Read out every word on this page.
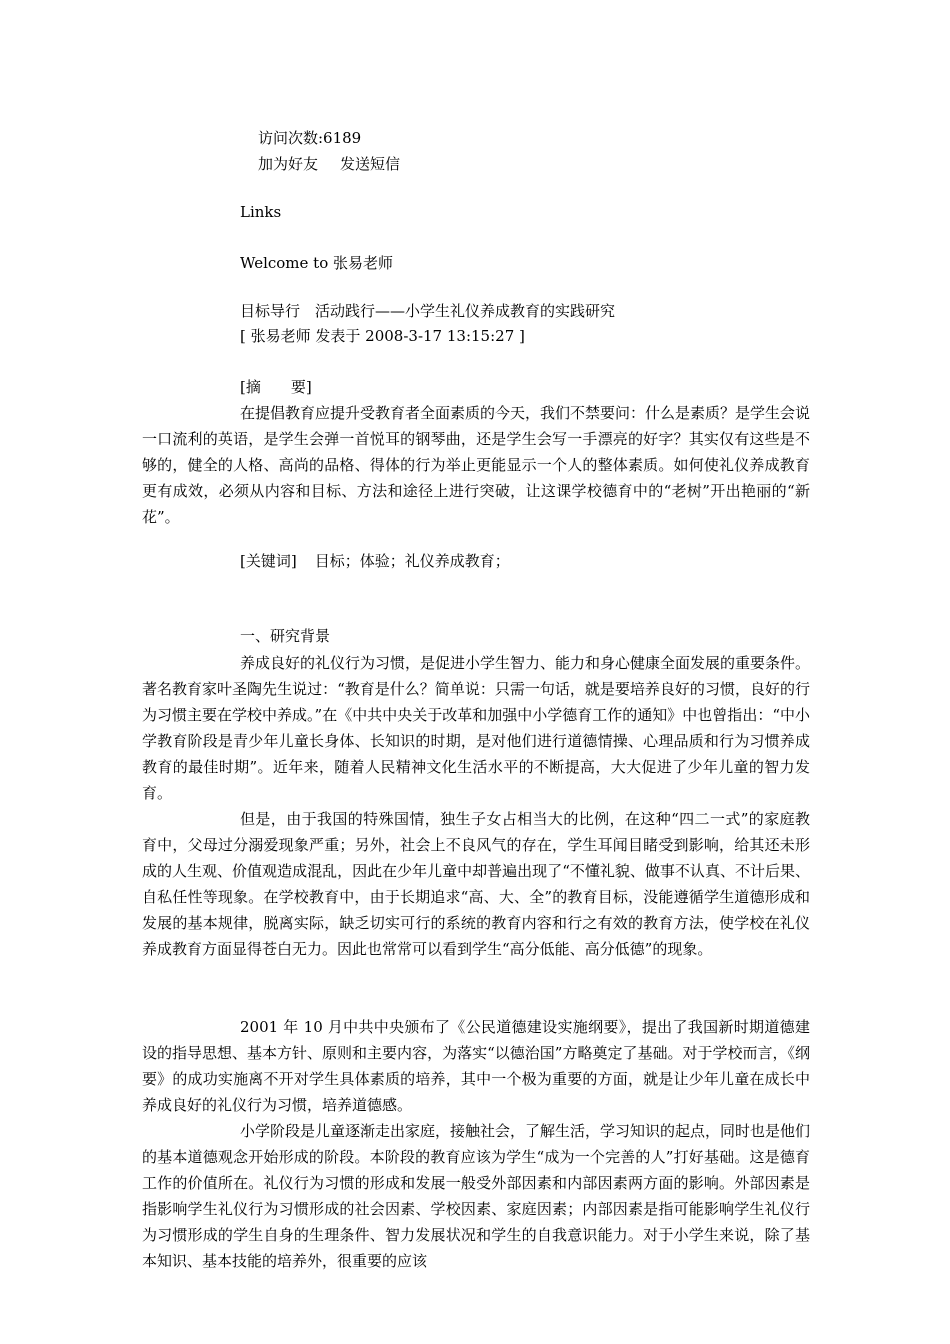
访问次数:6189

加为好友 发送短信

Links

Welcome to 张易老师

目标导行　活动践行——小学生礼仪养成教育的实践研究

[ 张易老师 发表于 2008-3-17 13:15:27 ]

[摘　　要]

在提倡教育应提升受教育者全面素质的今天，我们不禁要问：什么是素质？是学生会说一口流利的英语，是学生会弹一首悦耳的钢琴曲，还是学生会写一手漂亮的好字？其实仅有这些是不够的，健全的人格、高尚的品格、得体的行为举止更能显示一个人的整体素质。如何使礼仪养成教育更有成效，必须从内容和目标、方法和途径上进行突破，让这课学校德育中的“老树”开出艳丽的“新花”。

[关键词] 目标；体验；礼仪养成教育；

一、研究背景

养成良好的礼仪行为习惯，是促进小学生智力、能力和身心健康全面发展的重要条件。著名教育家叶圣陶先生说过：“教育是什么？简单说：只需一句话，就是要培养良好的习惯，良好的行为习惯主要在学校中养成。”在《中共中央关于改革和加强中小学德育工作的通知》中也曾指出：“中小学教育阶段是青少年儿童长身体、长知识的时期，是对他们进行道德情操、心理品质和行为习惯养成教育的最佳时期”。近年来，随着人民精神文化生活水平的不断提高，大大促进了少年儿童的智力发育。

但是，由于我国的特殊国情，独生子女占相当大的比例，在这种“四二一式”的家庭教育中，父母过分溺爱现象严重；另外，社会上不良风气的存在，学生耳闻目睹受到影响，给其还未形成的人生观、价值观造成混乱，因此在少年儿童中却普遍出现了“不懂礼貌、做事不认真、不计后果、自私任性等现象。在学校教育中，由于长期追求“高、大、全”的教育目标，没能遵循学生道德形成和发展的基本规律，脱离实际，缺乏切实可行的系统的教育内容和行之有效的教育方法，使学校在礼仪养成教育方面显得苍白无力。因此也常常可以看到学生“高分低能、高分低德”的现象。

2001 年 10 月中共中央颁布了《公民道德建设实施纲要》，提出了我国新时期道德建设的指导思想、基本方针、原则和主要内容，为落实“以德治国”方略奠定了基础。对于学校而言，《纲要》的成功实施离不开对学生具体素质的培养，其中一个极为重要的方面，就是让少年儿童在成长中养成良好的礼仪行为习惯，培养道德感。

小学阶段是儿童逐渐走出家庭，接触社会，了解生活，学习知识的起点，同时也是他们的基本道德观念开始形成的阶段。本阶段的教育应该为学生“成为一个完善的人”打好基础。这是德育工作的价值所在。礼仪行为习惯的形成和发展一般受外部因素和内部因素两方面的影响。外部因素是指影响学生礼仪行为习惯形成的社会因素、学校因素、家庭因素；内部因素是指可能影响学生礼仪行为习惯形成的学生自身的生理条件、智力发展状况和学生的自我意识能力。对于小学生来说，除了基本知识、基本技能的培养外，很重要的应该
